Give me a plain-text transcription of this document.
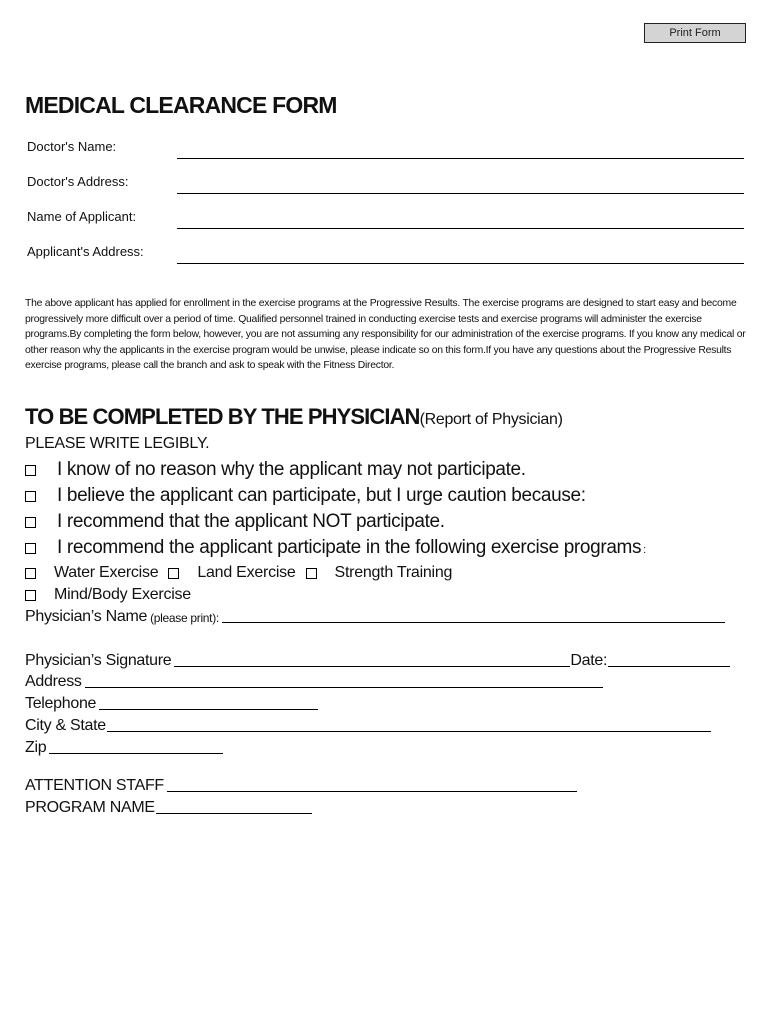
Print Form
MEDICAL CLEARANCE FORM
Doctor's Name:
Doctor's Address:
Name of Applicant:
Applicant's Address:

The above applicant has applied for enrollment in the exercise programs at the Progressive Results. The exercise programs are designed to start easy and become progressively more difficult over a period of time. Qualified personnel trained in conducting exercise tests and exercise programs will administer the exercise programs.By completing the form below, however, you are not assuming any responsibility for our administration of the exercise programs. If you know any medical or other reason why the applicants in the exercise program would be unwise, please indicate so on this form.If you have any questions about the Progressive Results exercise programs, please call the branch and ask to speak with the Fitness Director.

TO BE COMPLETED BY THE PHYSICIAN(Report of Physician)
PLEASE WRITE LEGIBLY.
I know of no reason why the applicant may not participate.
I believe the applicant can participate, but I urge caution because:
I recommend that the applicant NOT participate.
I recommend the applicant participate in the following exercise programs :
Water Exercise Land Exercise Strength Training
Mind/Body Exercise
Physician’s Name (please print):
Physician’s Signature	Date:
Address
Telephone
City & State
Zip
ATTENTION STAFF
PROGRAM NAME
